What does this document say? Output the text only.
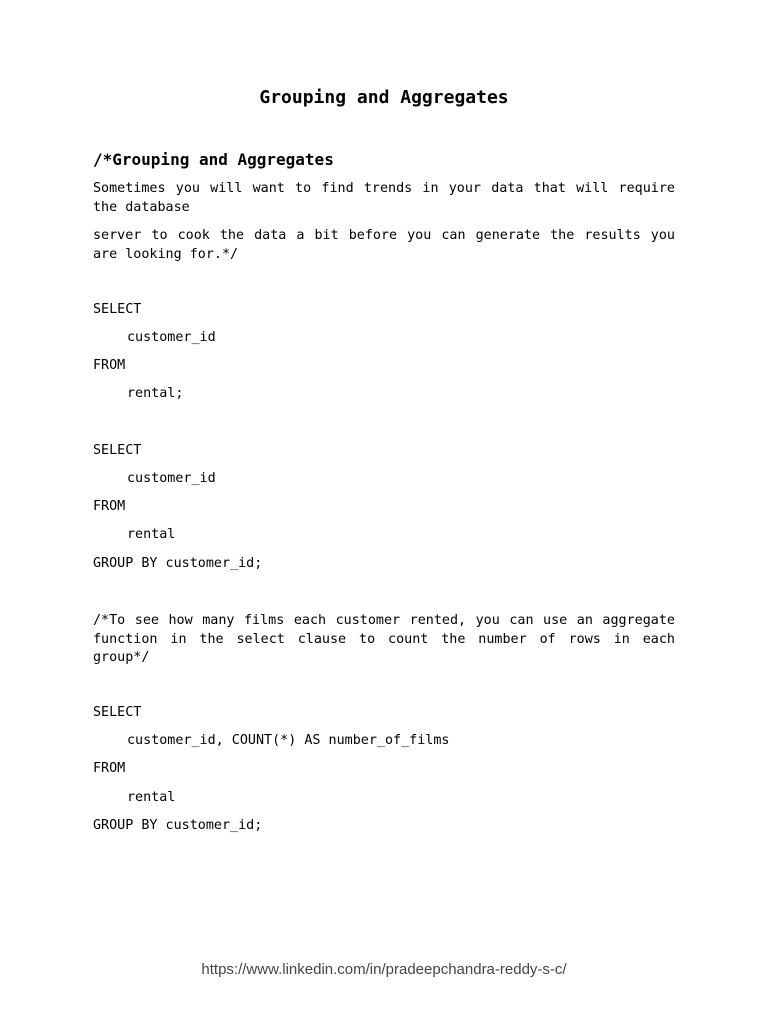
Grouping and Aggregates
/*Grouping and Aggregates

Sometimes you will want to find trends in your data that will require the database

server to cook the data a bit before you can generate the results you are looking for.*/

SELECT

customer_id

FROM

rental;

SELECT

customer_id

FROM

rental

GROUP BY customer_id;

/*To see how many films each customer rented, you can use an aggregate function in the select clause to count the number of rows in each group*/

SELECT

customer_id, COUNT(*) AS number_of_films

FROM

rental

GROUP BY customer_id;

https://www.linkedin.com/in/pradeepchandra-reddy-s-c/
